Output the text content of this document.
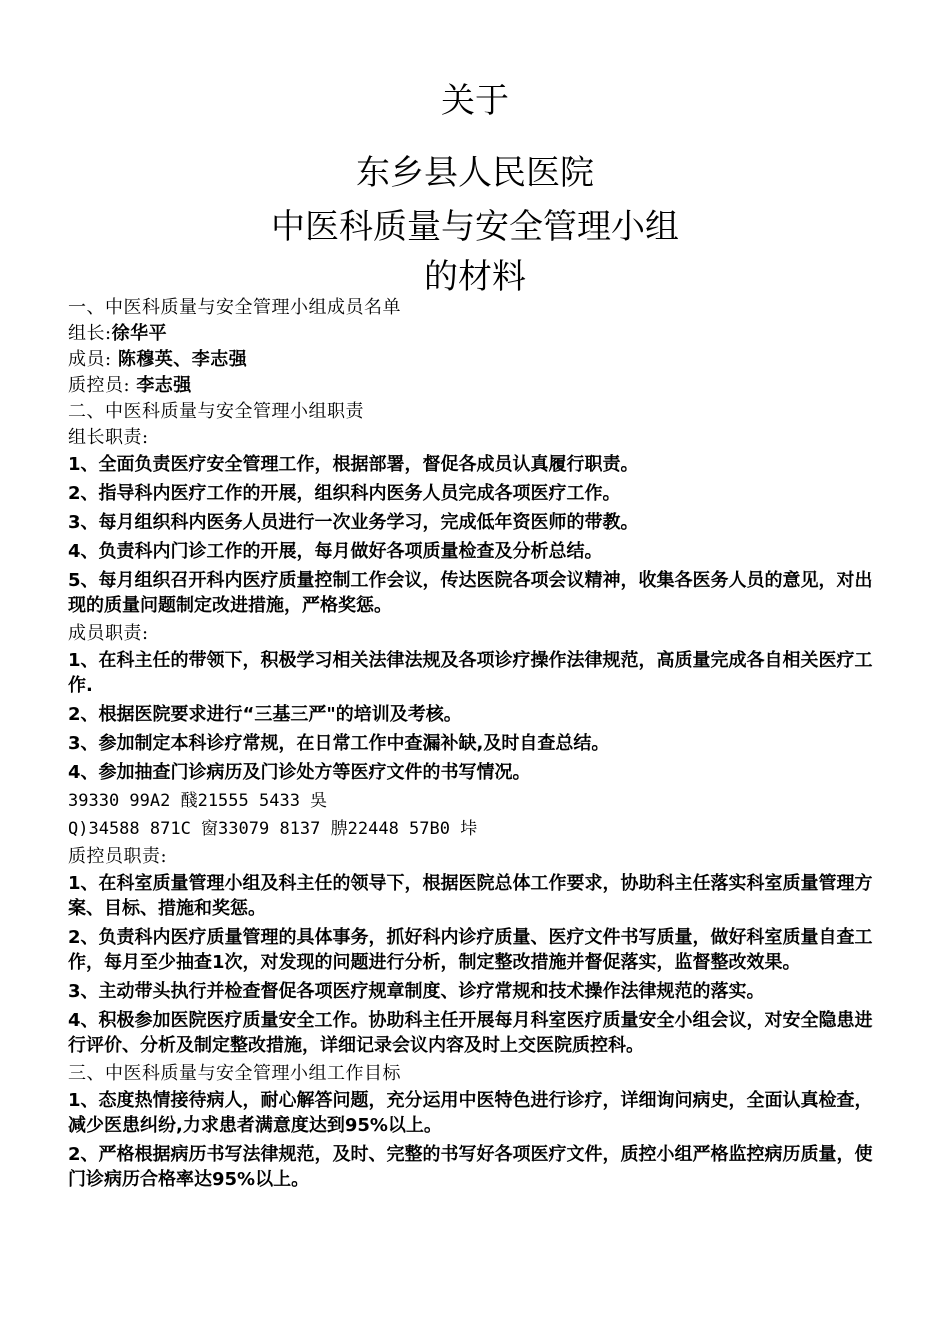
关于
东乡县人民医院
中医科质量与安全管理小组
的材料
一、中医科质量与安全管理小组成员名单
组长:徐华平
成员: 陈穆英、李志强
质控员: 李志强
二、中医科质量与安全管理小组职责
组长职责:
1、全面负责医疗安全管理工作，根据部署，督促各成员认真履行职责。
2、指导科内医疗工作的开展，组织科内医务人员完成各项医疗工作。
3、每月组织科内医务人员进行一次业务学习，完成低年资医师的带教。
4、负责科内门诊工作的开展，每月做好各项质量检查及分析总结。
5、每月组织召开科内医疗质量控制工作会议，传达医院各项会议精神，收集各医务人员的意见，对出现的质量问题制定改进措施，严格奖惩。
成员职责:
1、在科主任的带领下，积极学习相关法律法规及各项诊疗操作法律规范，高质量完成各自相关医疗工作.
2、根据医院要求进行“三基三严"的培训及考核。
3、参加制定本科诊疗常规，在日常工作中查漏补缺,及时自查总结。
4、参加抽查门诊病历及门诊处方等医疗文件的书写情况。
39330 99A2 醆21555 5433 吳
Q)34588 871C 窗33079 8137 腗22448 57B0 垰
质控员职责:
1、在科室质量管理小组及科主任的领导下，根据医院总体工作要求，协助科主任落实科室质量管理方案、目标、措施和奖惩。
2、负责科内医疗质量管理的具体事务，抓好科内诊疗质量、医疗文件书写质量，做好科室质量自查工作，每月至少抽查1次，对发现的问题进行分析，制定整改措施并督促落实，监督整改效果。
3、主动带头执行并检查督促各项医疗规章制度、诊疗常规和技术操作法律规范的落实。
4、积极参加医院医疗质量安全工作。协助科主任开展每月科室医疗质量安全小组会议，对安全隐患进行评价、分析及制定整改措施，详细记录会议内容及时上交医院质控科。
三、中医科质量与安全管理小组工作目标
1、态度热情接待病人，耐心解答问题，充分运用中医特色进行诊疗，详细询问病史，全面认真检查，减少医患纠纷,力求患者满意度达到95%以上。
2、严格根据病历书写法律规范，及时、完整的书写好各项医疗文件，质控小组严格监控病历质量，使门诊病历合格率达95%以上。
